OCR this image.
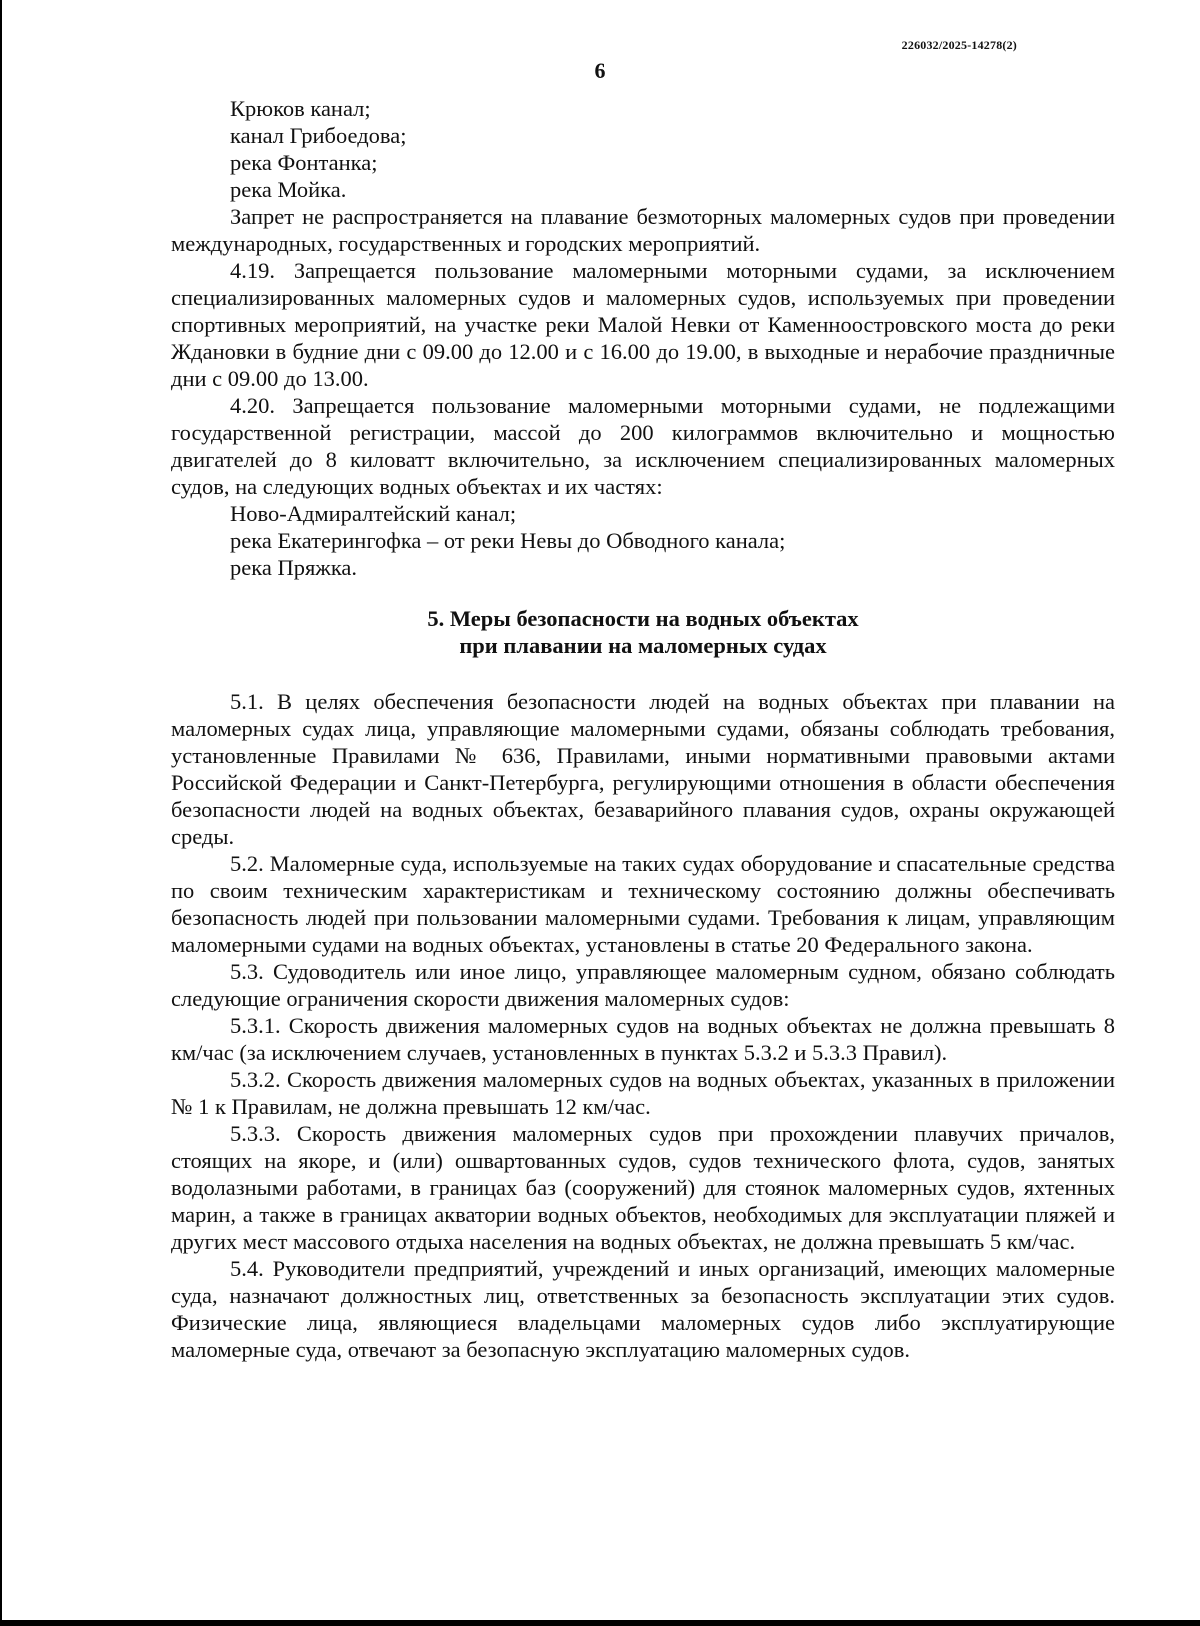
226032/2025-14278(2)
6
Крюков канал;
канал Грибоедова;
река Фонтанка;
река Мойка.
Запрет не распространяется на плавание безмоторных маломерных судов при проведении международных, государственных и городских мероприятий.
4.19. Запрещается пользование маломерными моторными судами, за исключением специализированных маломерных судов и маломерных судов, используемых при проведении спортивных мероприятий, на участке реки Малой Невки от Каменноостровского моста до реки Ждановки в будние дни с 09.00 до 12.00 и с 16.00 до 19.00, в выходные и нерабочие праздничные дни с 09.00 до 13.00.
4.20. Запрещается пользование маломерными моторными судами, не подлежащими государственной регистрации, массой до 200 килограммов включительно и мощностью двигателей до 8 киловатт включительно, за исключением специализированных маломерных судов, на следующих водных объектах и их частях:
Ново-Адмиралтейский канал;
река Екатерингофка – от реки Невы до Обводного канала;
река Пряжка.
5. Меры безопасности на водных объектах
при плавании на маломерных судах
5.1. В целях обеспечения безопасности людей на водных объектах при плавании на маломерных судах лица, управляющие маломерными судами, обязаны соблюдать требования, установленные Правилами № 636, Правилами, иными нормативными правовыми актами Российской Федерации и Санкт-Петербурга, регулирующими отношения в области обеспечения безопасности людей на водных объектах, безаварийного плавания судов, охраны окружающей среды.
5.2. Маломерные суда, используемые на таких судах оборудование и спасательные средства по своим техническим характеристикам и техническому состоянию должны обеспечивать безопасность людей при пользовании маломерными судами. Требования к лицам, управляющим маломерными судами на водных объектах, установлены в статье 20 Федерального закона.
5.3. Судоводитель или иное лицо, управляющее маломерным судном, обязано соблюдать следующие ограничения скорости движения маломерных судов:
5.3.1. Скорость движения маломерных судов на водных объектах не должна превышать 8 км/час (за исключением случаев, установленных в пунктах 5.3.2 и 5.3.3 Правил).
5.3.2. Скорость движения маломерных судов на водных объектах, указанных в приложении № 1 к Правилам, не должна превышать 12 км/час.
5.3.3. Скорость движения маломерных судов при прохождении плавучих причалов, стоящих на якоре, и (или) ошвартованных судов, судов технического флота, судов, занятых водолазными работами, в границах баз (сооружений) для стоянок маломерных судов, яхтенных марин, а также в границах акватории водных объектов, необходимых для эксплуатации пляжей и других мест массового отдыха населения на водных объектах, не должна превышать 5 км/час.
5.4. Руководители предприятий, учреждений и иных организаций, имеющих маломерные суда, назначают должностных лиц, ответственных за безопасность эксплуатации этих судов. Физические лица, являющиеся владельцами маломерных судов либо эксплуатирующие маломерные суда, отвечают за безопасную эксплуатацию маломерных судов.
